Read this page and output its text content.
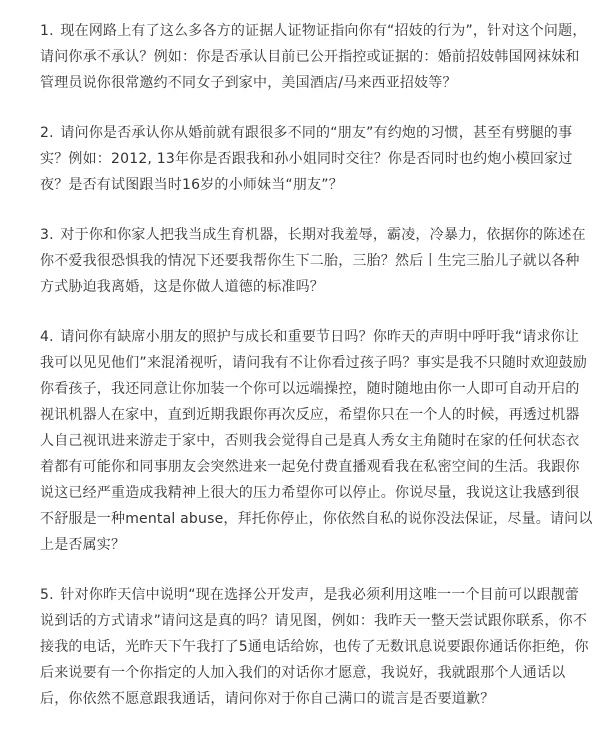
1. 现在网路上有了这么多各方的证据人证物证指向你有“招妓的行为”，针对这个问题，请问你承不承认？例如：你是否承认目前已公开指控或证据的：婚前招妓韩国网袜妹和管理员说你很常邀约不同女子到家中，美国酒店/马来西亚招妓等？

2. 请问你是否承认你从婚前就有跟很多不同的“朋友”有约炮的习惯，甚至有劈腿的事实？例如：2012, 13年你是否跟我和孙小姐同时交往？你是否同时也约炮小模回家过夜？是否有试图跟当时16岁的小师妹当“朋友”？

3. 对于你和你家人把我当成生育机器，长期对我羞辱，霸凌，冷暴力，依据你的陈述在你不爱我很恐惧我的情况下还要我帮你生下二胎，三胎？然后丨生完三胎儿子就以各种方式胁迫我离婚，这是你做人道德的标准吗？

4. 请问你有缺席小朋友的照护与成长和重要节日吗？你昨天的声明中呼吁我“请求你让我可以见见他们”来混淆视听，请问我有不让你看过孩子吗？事实是我不只随时欢迎鼓励你看孩子，我还同意让你加装一个你可以远端操控，随时随地由你一人即可自动开启的视讯机器人在家中，直到近期我跟你再次反应，希望你只在一个人的时候，再透过机器人自己视讯进来游走于家中，否则我会觉得自己是真人秀女主角随时在家的任何状态衣着都有可能你和同事朋友会突然进来一起免付费直播观看我在私密空间的生活。我跟你说这已经严重造成我精神上很大的压力希望你可以停止。你说尽量，我说这让我感到很不舒服是一种mental abuse，拜托你停止，你依然自私的说你没法保证，尽量。请问以上是否属实？

5. 针对你昨天信中说明“现在选择公开发声，是我必须利用这唯一一个目前可以跟靓蕾说到话的方式请求”请问这是真的吗？请见图，例如：我昨天一整天尝试跟你联系，你不接我的电话，光昨天下午我打了5通电话给妳，也传了无数讯息说要跟你通话你拒绝，你后来说要有一个你指定的人加入我们的对话你才愿意，我说好，我就跟那个人通话以后，你依然不愿意跟我通话，请问你对于你自己满口的谎言是否要道歉？
